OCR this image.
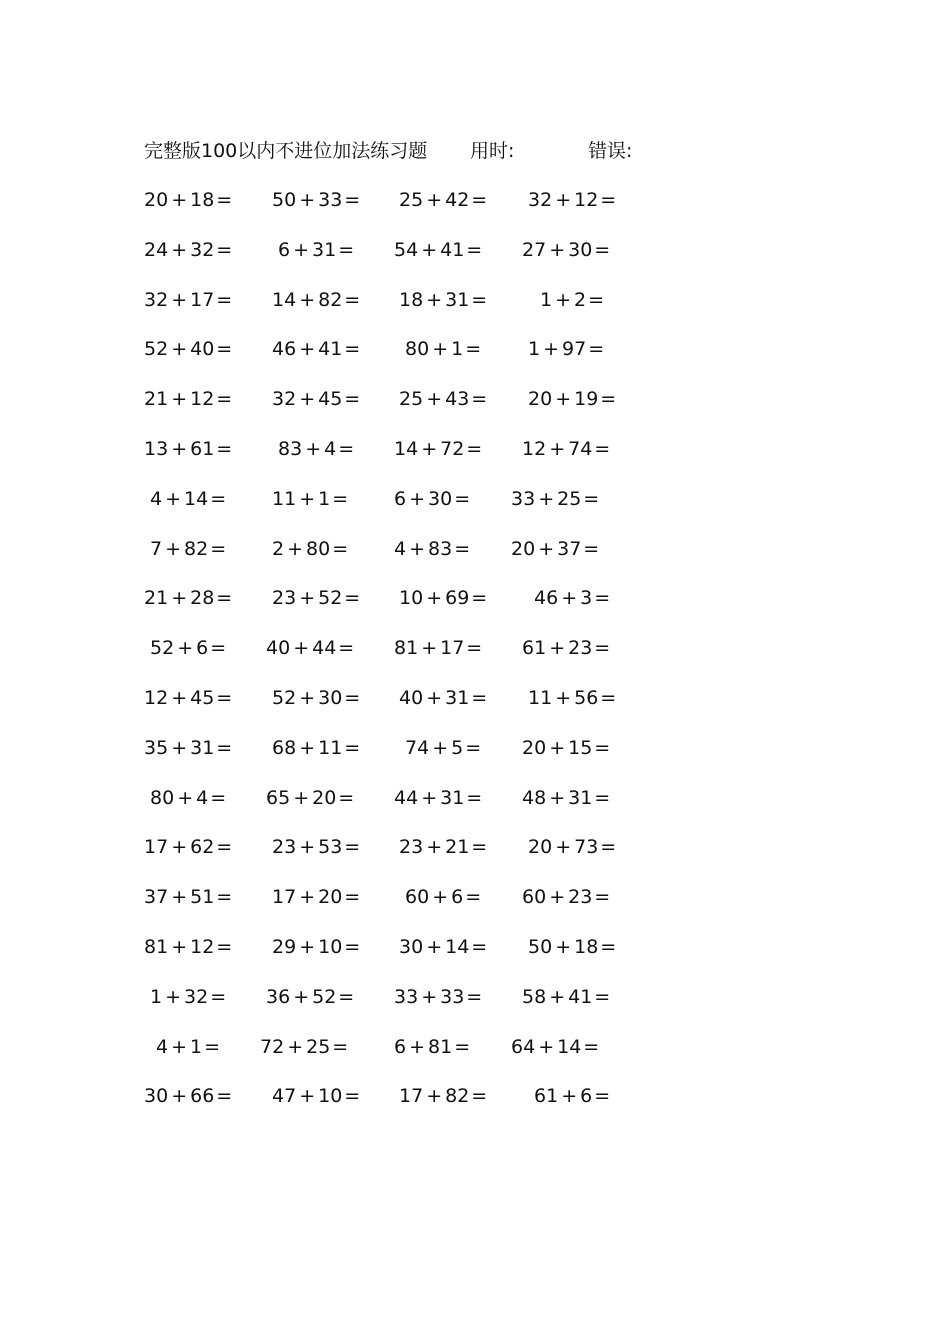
完整版100以内不进位加法练习题 用时:	错误:
20 + 18 = 50 + 33 = 25 + 42 = 32 + 12 =
24 + 32 = 6 + 31 = 54 + 41 = 27 + 30 =
32 + 17 = 14 + 82 = 18 + 31 =	1 + 2 =
52 + 40 = 46 + 41 = 80 + 1 = 1 + 97 =
21 + 12 = 32 + 45 = 25 + 43 = 20 + 19 =
13 + 61 = 83 + 4 = 14 + 72 = 12 + 74 =
4 + 14 = 11 + 1 = 6 + 30 = 33 + 25 =
7 + 82 = 2 + 80 = 4 + 83 = 20 + 37 =
21 + 28 = 23 + 52 = 10 + 69 = 46 + 3 =
52 + 6 = 40 + 44 = 81 + 17 = 61 + 23 =
12 + 45 = 52 + 30 = 40 + 31 = 11 + 56 =
35 + 31 = 68 + 11 = 74 + 5 = 20 + 15 =
80 + 4 = 65 + 20 = 44 + 31 = 48 + 31 =
17 + 62 = 23 + 53 = 23 + 21 = 20 + 73 =
37 + 51 = 17 + 20 = 60 + 6 = 60 + 23 =
81 + 12 = 29 + 10 = 30 + 14 = 50 + 18 =
1 + 32 = 36 + 52 = 33 + 33 = 58 + 41 =
4 + 1 = 72 + 25 = 6 + 81 = 64 + 14 =
30 + 66 = 47 + 10 = 17 + 82 = 61 + 6 =
